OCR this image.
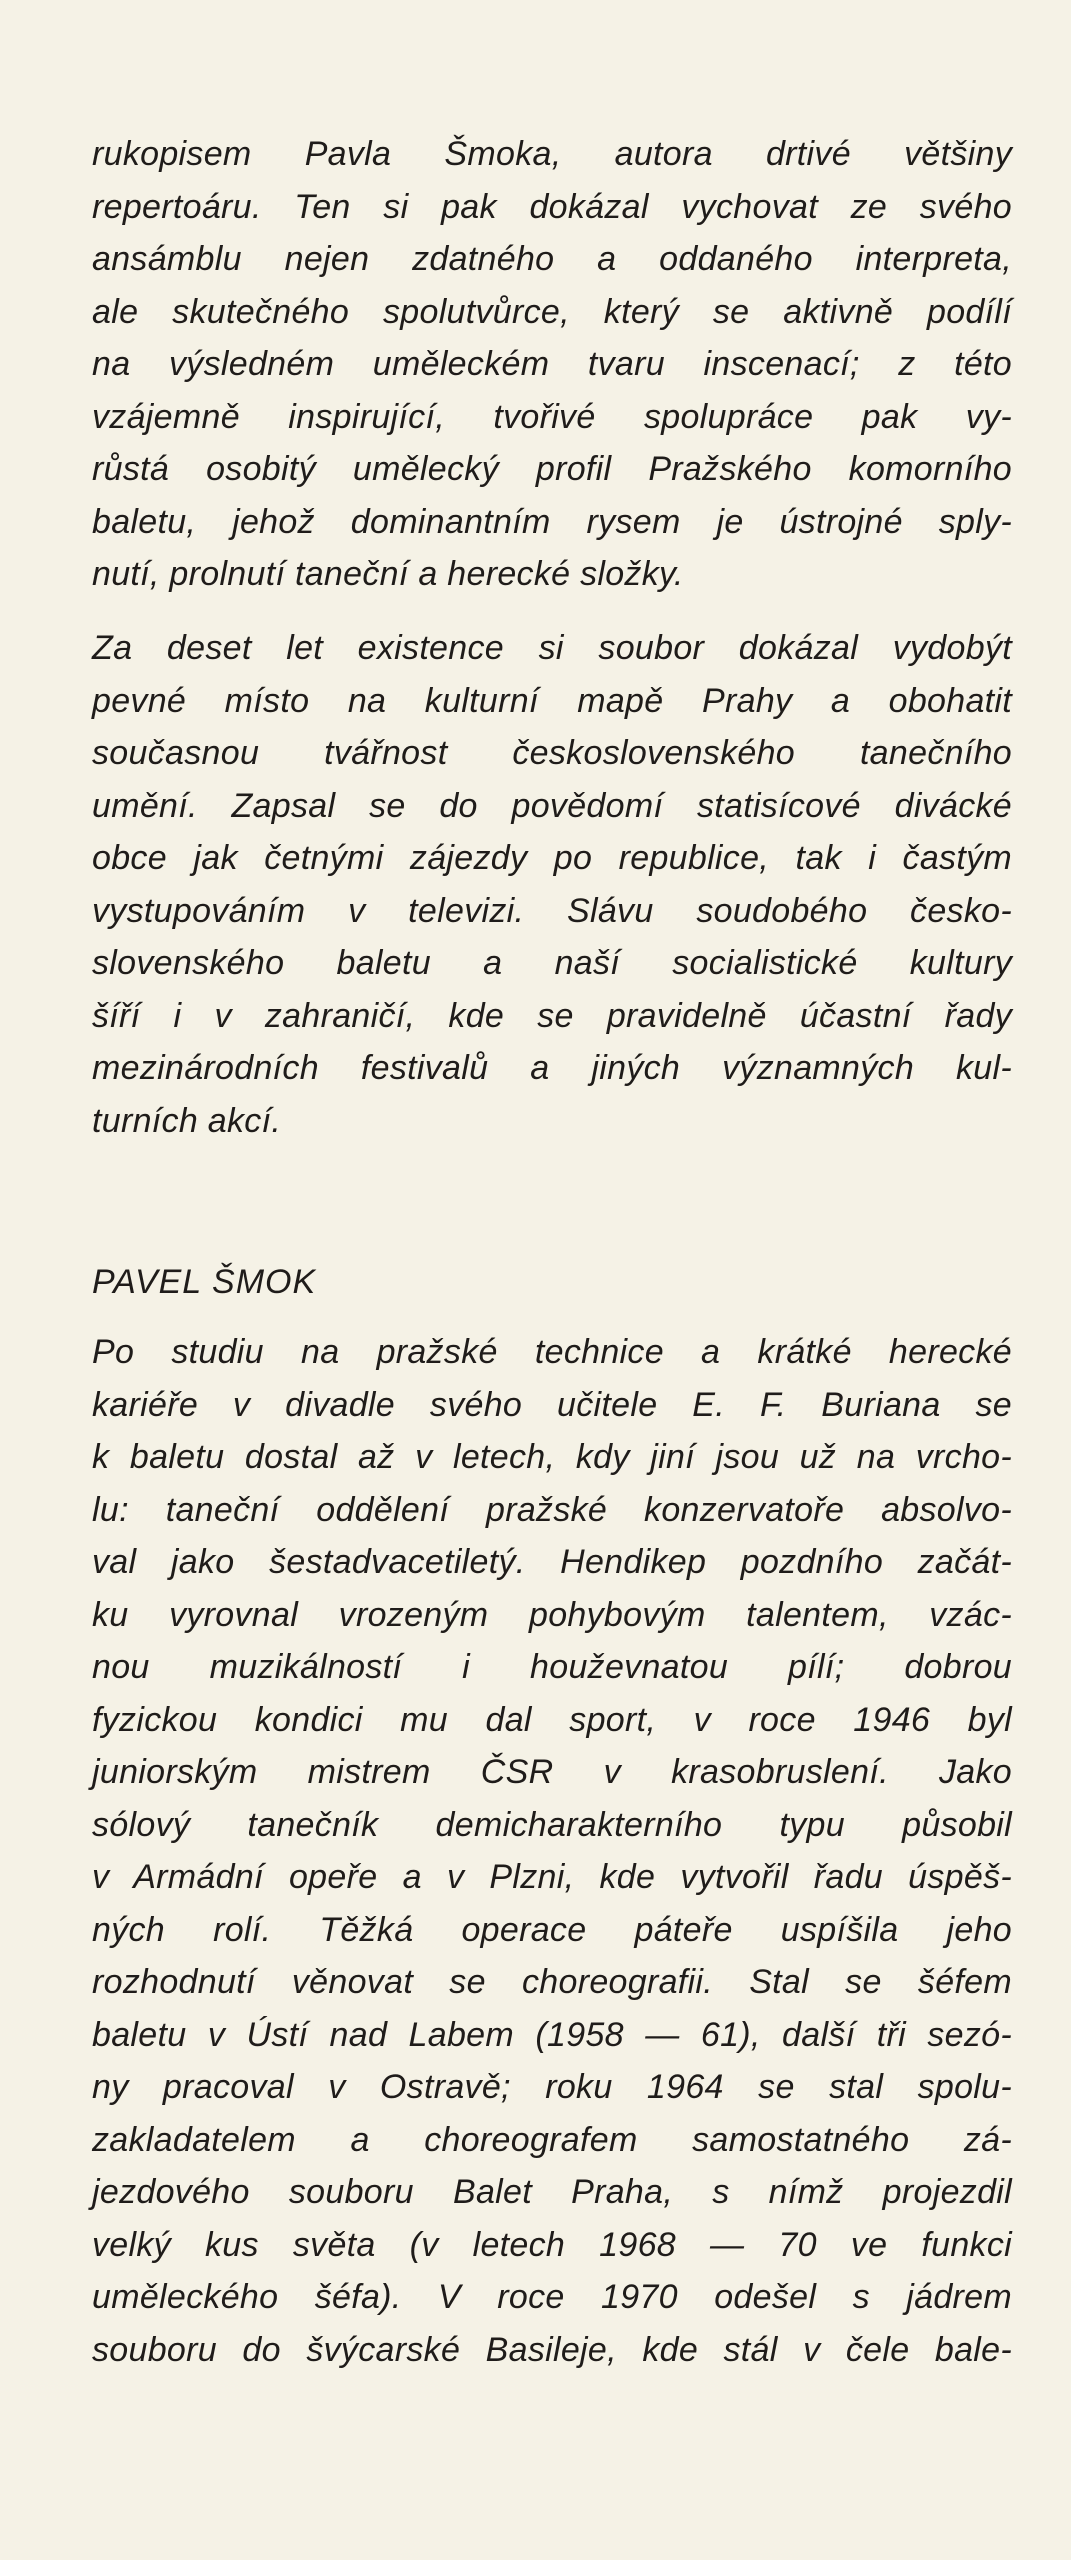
rukopisem Pavla Šmoka, autora drtivé většiny

repertoáru. Ten si pak dokázal vychovat ze svého

ansámblu nejen zdatného a oddaného interpreta,

ale skutečného spolutvůrce, který se aktivně podílí

na výsledném uměleckém tvaru inscenací; z této

vzájemně inspirující, tvořivé spolupráce pak vy-

růstá osobitý umělecký profil Pražského komorního

baletu, jehož dominantním rysem je ústrojné sply-

nutí, prolnutí taneční a herecké složky.

Za deset let existence si soubor dokázal vydobýt

pevné místo na kulturní mapě Prahy a obohatit

současnou tvářnost československého tanečního

umění. Zapsal se do povědomí statisícové divácké

obce jak četnými zájezdy po republice, tak i častým

vystupováním v televizi. Slávu soudobého česko-

slovenského baletu a naší socialistické kultury

šíří i v zahraničí, kde se pravidelně účastní řady

mezinárodních festivalů a jiných významných kul-

turních akcí.

PAVEL ŠMOK

Po studiu na pražské technice a krátké herecké

kariéře v divadle svého učitele E. F. Buriana se

k baletu dostal až v letech, kdy jiní jsou už na vrcho-

lu: taneční oddělení pražské konzervatoře absolvo-

val jako šestadvacetiletý. Hendikep pozdního začát-

ku vyrovnal vrozeným pohybovým talentem, vzác-

nou muzikálností i houževnatou pílí; dobrou

fyzickou kondici mu dal sport, v roce 1946 byl

juniorským mistrem ČSR v krasobruslení. Jako

sólový tanečník demicharakterního typu působil

v Armádní opeře a v Plzni, kde vytvořil řadu úspěš-

ných rolí. Těžká operace páteře uspíšila jeho

rozhodnutí věnovat se choreografii. Stal se šéfem

baletu v Ústí nad Labem (1958 — 61), další tři sezó-

ny pracoval v Ostravě; roku 1964 se stal spolu-

zakladatelem a choreografem samostatného zá-

jezdového souboru Balet Praha, s nímž projezdil

velký kus světa (v letech 1968 — 70 ve funkci

uměleckého šéfa). V roce 1970 odešel s jádrem

souboru do švýcarské Basileje, kde stál v čele bale-
